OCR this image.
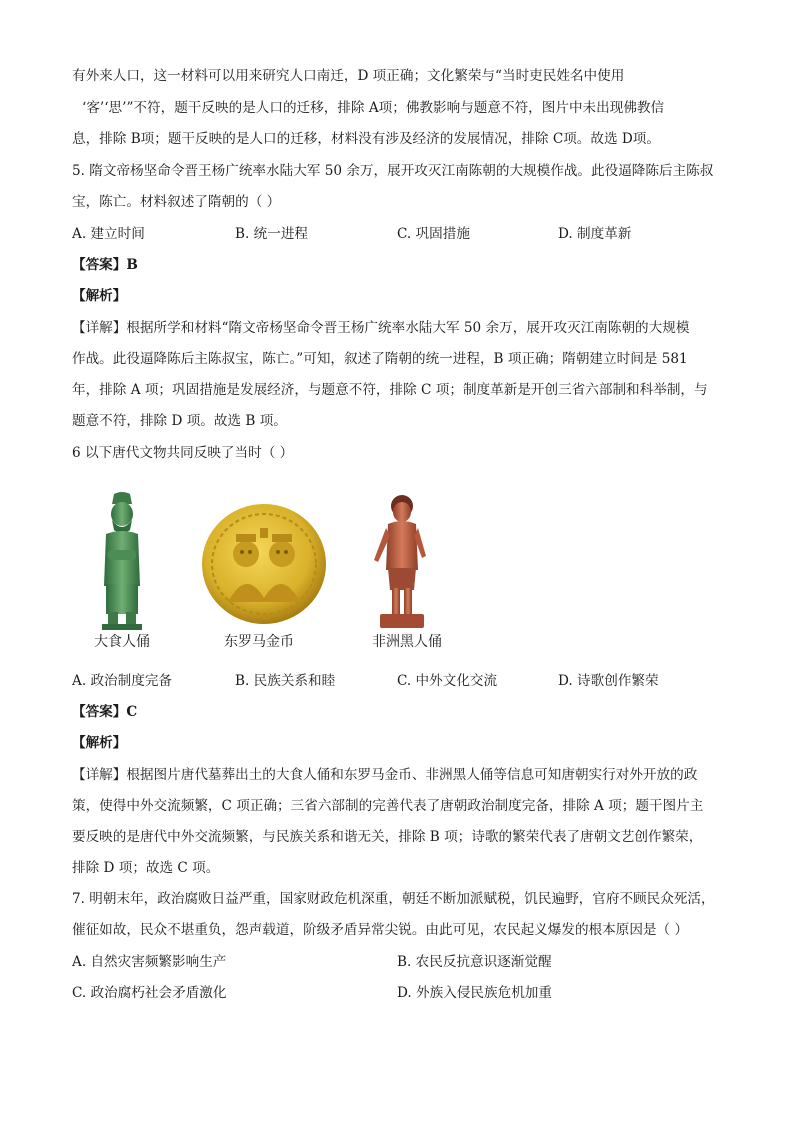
有外来人口，这一材料可以用来研究人口南迁，D 项正确；文化繁荣与“当时吏民姓名中使用
‘客’‘思’”不符，题干反映的是人口的迁移，排除 A项；佛教影响与题意不符，图片中未出现佛教信
息，排除 B项；题干反映的是人口的迁移，材料没有涉及经济的发展情况，排除 C项。故选 D项。
5. 隋文帝杨坚命令晋王杨广统率水陆大军 50 余万，展开攻灭江南陈朝的大规模作战。此役逼降陈后主陈叔
宝，陈亡。材料叙述了隋朝的（ ）
A. 建立时间	B. 统一进程	C. 巩固措施	D. 制度革新
【答案】B
【解析】
【详解】根据所学和材料“隋文帝杨坚命令晋王杨广统率水陆大军 50 余万，展开攻灭江南陈朝的大规模
作战。此役逼降陈后主陈叔宝，陈亡。”可知，叙述了隋朝的统一进程，B 项正确；隋朝建立时间是 581
年，排除 A 项；巩固措施是发展经济，与题意不符，排除 C 项；制度革新是开创三省六部制和科举制，与
题意不符，排除 D 项。故选 B 项。
6 以下唐代文物共同反映了当时（ ）
大食人俑	东罗马金币	非洲黑人俑
A. 政治制度完备	B. 民族关系和睦	C. 中外文化交流	D. 诗歌创作繁荣
【答案】C
【解析】
【详解】根据图片唐代墓葬出土的大食人俑和东罗马金币、非洲黑人俑等信息可知唐朝实行对外开放的政
策，使得中外交流频繁，C 项正确；三省六部制的完善代表了唐朝政治制度完备，排除 A 项；题干图片主
要反映的是唐代中外交流频繁，与民族关系和谐无关，排除 B 项；诗歌的繁荣代表了唐朝文艺创作繁荣，
排除 D 项；故选 C 项。
7. 明朝末年，政治腐败日益严重，国家财政危机深重，朝廷不断加派赋税，饥民遍野，官府不顾民众死活，
催征如故，民众不堪重负，怨声载道，阶级矛盾异常尖锐。由此可见，农民起义爆发的根本原因是（ ）
A. 自然灾害频繁影响生产	B. 农民反抗意识逐渐觉醒
C. 政治腐朽社会矛盾激化	D. 外族入侵民族危机加重
